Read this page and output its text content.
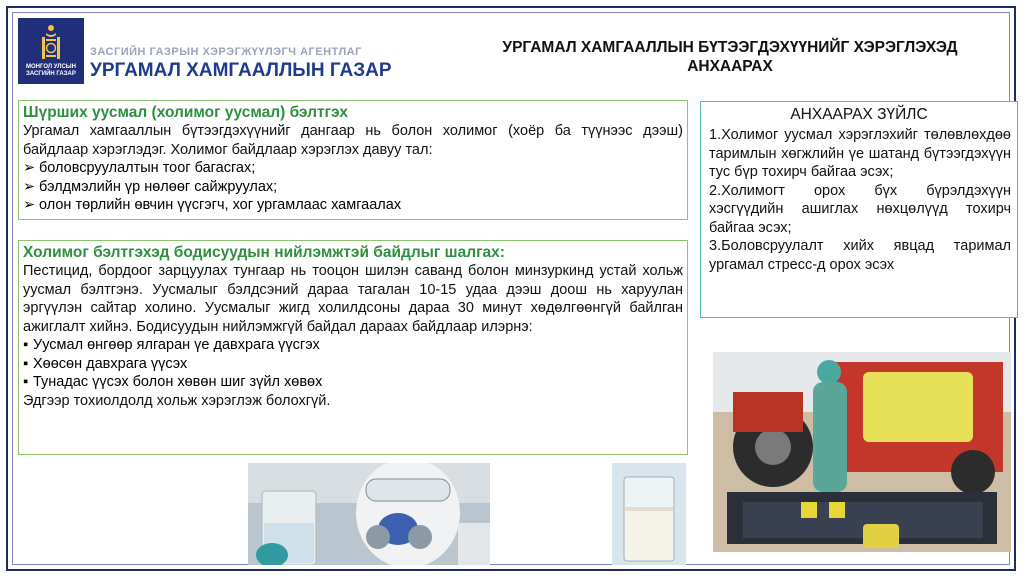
МОНГОЛ УЛСЫН
ЗАСГИЙН ГАЗАР
ЗАСГИЙН ГАЗРЫН ХЭРЭГЖҮҮЛЭГЧ АГЕНТЛАГ
УРГАМАЛ ХАМГААЛЛЫН ГАЗАР
УРГАМАЛ ХАМГААЛЛЫН БҮТЭЭГДЭХҮҮНИЙГ ХЭРЭГЛЭХЭД
АНХААРАХ
Шүрших уусмал (холимог уусмал) бэлтгэх
Ургамал хамгааллын бүтээгдэхүүнийг дангаар нь болон холимог (хоёр ба түүнээс дээш) байдлаар хэрэглэдэг. Холимог байдлаар хэрэглэх давуу тал:
➢ боловсруулалтын тоог багасгах;
➢ бэлдмэлийн үр нөлөөг сайжруулах;
➢ олон төрлийн өвчин үүсгэгч, хог ургамлаас хамгаалах
Холимог бэлтгэхэд бодисуудын нийлэмжтэй байдлыг шалгах:
Пестицид, бордоог зарцуулах тунгаар нь тооцон шилэн саванд болон минзуркинд устай хольж уусмал бэлтгэнэ. Уусмалыг бэлдсэний дараа тагалан 10-15 удаа дээш доош нь харуулан эргүүлэн сайтар холино. Уусмалыг жигд холилдсоны дараа 30 минут хөдөлгөөнгүй байлган ажиглалт хийнэ. Бодисуудын нийлэмжгүй байдал дараах байдлаар илэрнэ:
▪ Уусмал өнгөөр ялгаран үе давхрага үүсгэх
▪ Хөөсөн давхрага үүсэх
▪ Тунадас үүсэх болон хөвөн шиг зүйл хөвөх
Эдгээр тохиолдолд хольж хэрэглэж болохгүй.
АНХААРАХ ЗҮЙЛС

1.Холимог уусмал хэрэглэхийг төлөвлөхдөө таримлын хөгжлийн үе шатанд бүтээгдэхүүн тус бүр тохирч байгаа эсэх;

2.Холимогт орох бүх бүрэлдэхүүн хэсгүүдийн ашиглах нөхцөлүүд тохирч байгаа эсэх;

3.Боловсруулалт хийх явцад таримал ургамал стресс-д орох эсэх
